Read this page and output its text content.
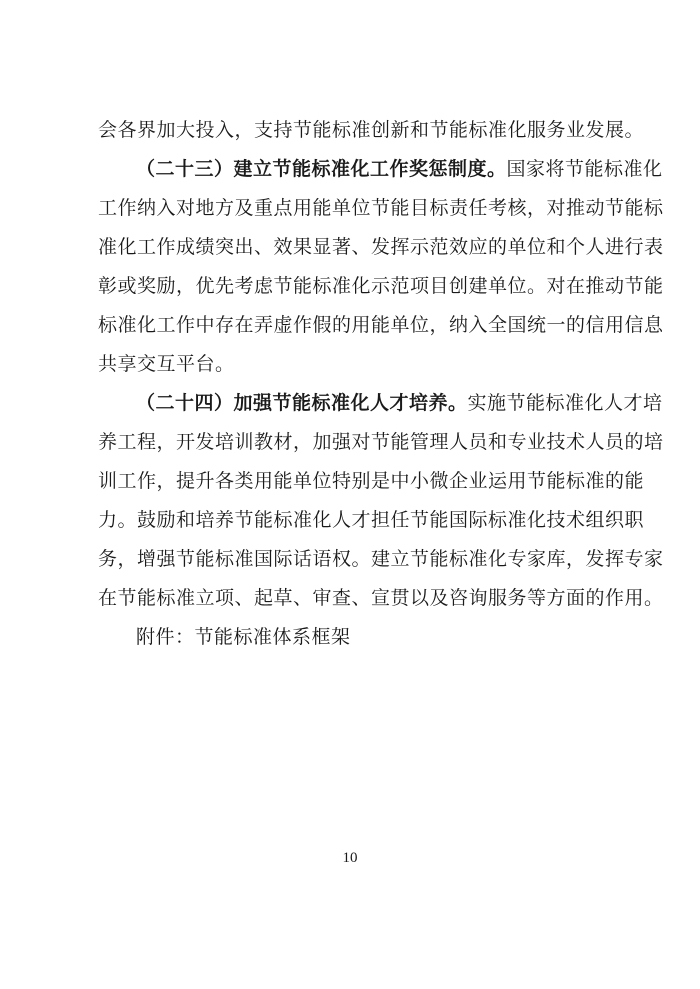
会各界加大投入，支持节能标准创新和节能标准化服务业发展。
（二十三）建立节能标准化工作奖惩制度。国家将节能标准化
工作纳入对地方及重点用能单位节能目标责任考核，对推动节能标
准化工作成绩突出、效果显著、发挥示范效应的单位和个人进行表
彰或奖励，优先考虑节能标准化示范项目创建单位。对在推动节能
标准化工作中存在弄虚作假的用能单位，纳入全国统一的信用信息
共享交互平台。
（二十四）加强节能标准化人才培养。实施节能标准化人才培
养工程，开发培训教材，加强对节能管理人员和专业技术人员的培
训工作，提升各类用能单位特别是中小微企业运用节能标准的能
力。鼓励和培养节能标准化人才担任节能国际标准化技术组织职
务，增强节能标准国际话语权。建立节能标准化专家库，发挥专家
在节能标准立项、起草、审查、宣贯以及咨询服务等方面的作用。
附件：节能标准体系框架
10
